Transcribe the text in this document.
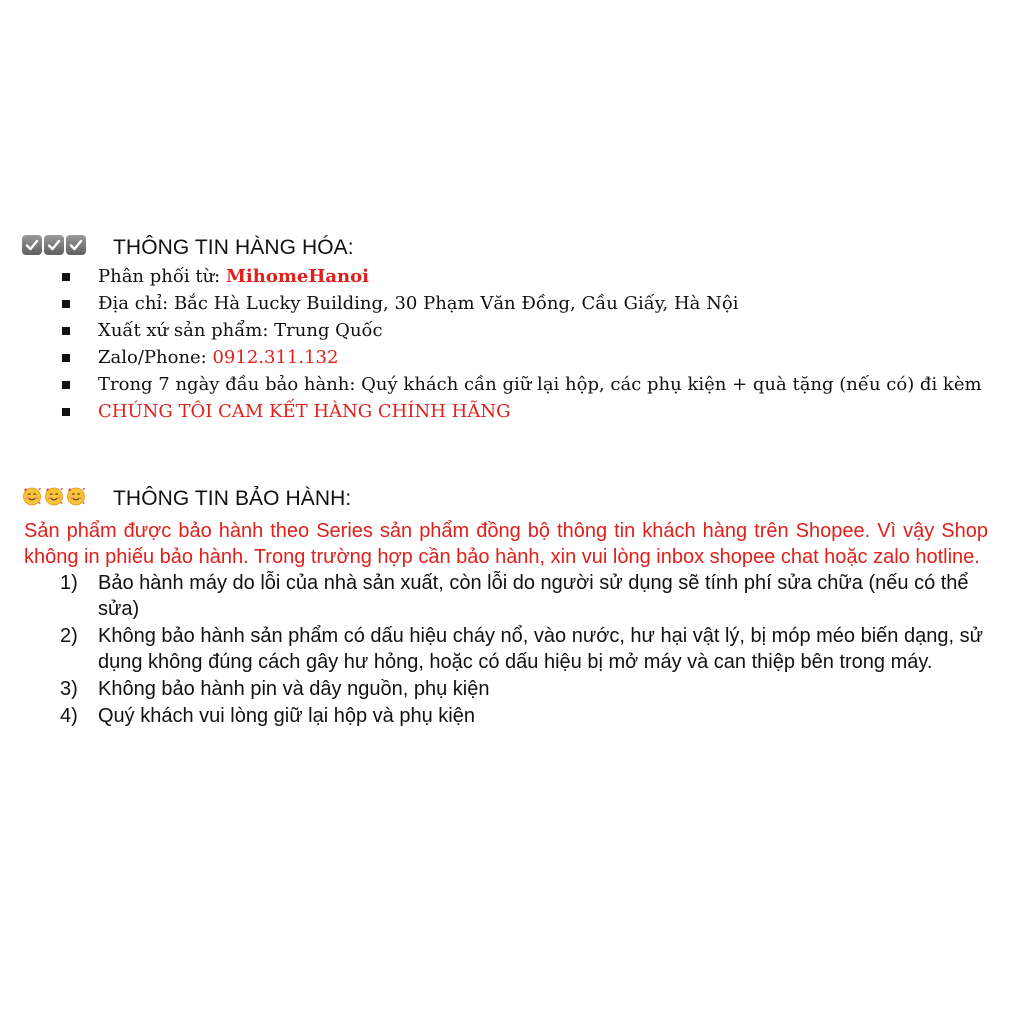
THÔNG TIN HÀNG HÓA:
Phân phối từ: MihomeHanoi
Địa chỉ: Bắc Hà Lucky Building, 30 Phạm Văn Đồng, Cầu Giấy, Hà Nội
Xuất xứ sản phẩm: Trung Quốc
Zalo/Phone: 0912.311.132
Trong 7 ngày đầu bảo hành: Quý khách cần giữ lại hộp, các phụ kiện + quà tặng (nếu có) đi kèm
CHÚNG TÔI CAM KẾT HÀNG CHÍNH HÃNG
THÔNG TIN BẢO HÀNH:

Sản phẩm được bảo hành theo Series sản phẩm đồng bộ thông tin khách hàng trên Shopee. Vì vậy Shop không in phiếu bảo hành. Trong trường hợp cần bảo hành, xin vui lòng inbox shopee chat hoặc zalo hotline.

1) Bảo hành máy do lỗi của nhà sản xuất, còn lỗi do người sử dụng sẽ tính phí sửa chữa (nếu có thể sửa)
2) Không bảo hành sản phẩm có dấu hiệu cháy nổ, vào nước, hư hại vật lý, bị móp méo biến dạng, sử dụng không đúng cách gây hư hỏng, hoặc có dấu hiệu bị mở máy và can thiệp bên trong máy.
3) Không bảo hành pin và dây nguồn, phụ kiện
4) Quý khách vui lòng giữ lại hộp và phụ kiện
